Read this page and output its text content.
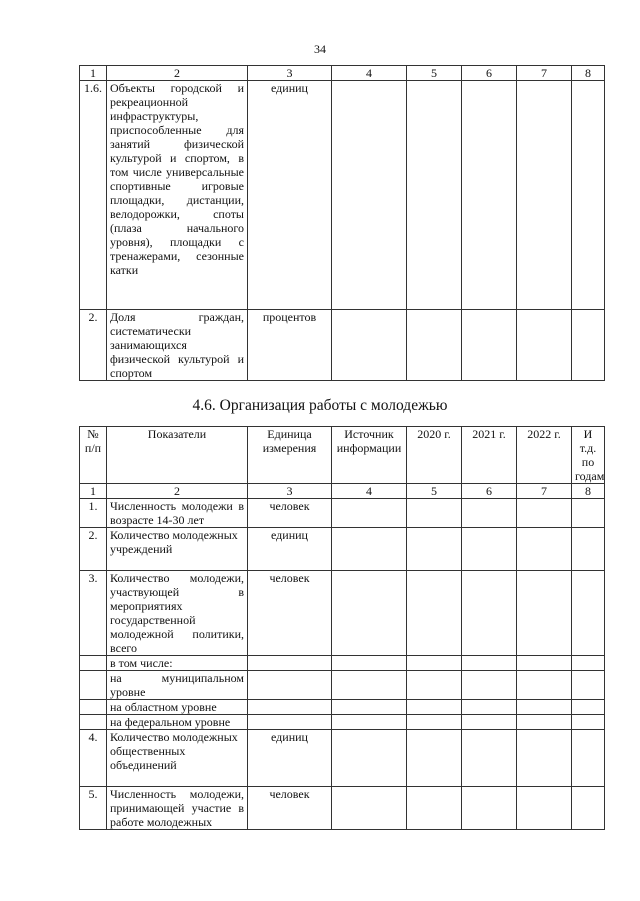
34
1	2	3	4	5	6	7	8
1.6.	Объекты городской и рекреационной инфраструктуры, приспособленные для занятий физической культурой и спортом, в том числе универсальные спортивные игровые площадки, дистанции, велодорожки, споты (плаза начального уровня), площадки с тренажерами, сезонные катки	единиц					
2.	Доля граждан, систематически занимающихся физической культурой и спортом	процентов					
4.6. Организация работы с молодежью
№ п/п	Показатели	Единица измерения	Источник информации	2020 г.	2021 г.	2022 г.	И т.д. по годам
1	2	3	4	5	6	7	8
1.	Численность молодежи в возрасте 14-30 лет	человек					
2.	Количество молодежных учреждений	единиц					
3.	Количество молодежи, участвующей в мероприятиях государственной молодежной политики, всего	человек					
	в том числе:						
	на муниципальном уровне						
	на областном уровне						
	на федеральном уровне						
4.	Количество молодежных общественных объединений	единиц					
5.	Численность молодежи, принимающей участие в работе молодежных	человек					
